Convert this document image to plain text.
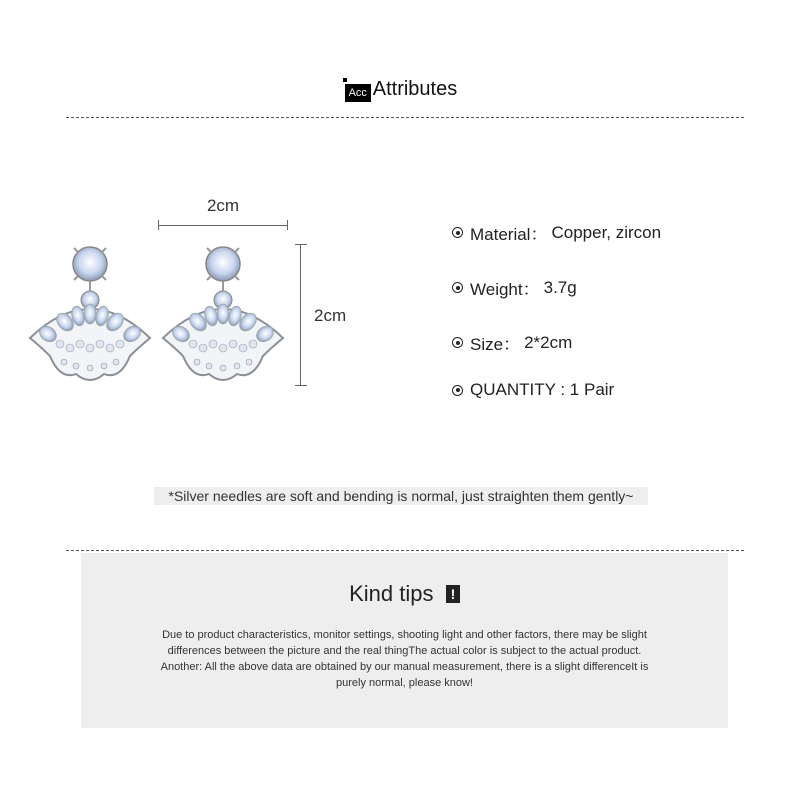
Acc Attributes
2cm
2cm
Material： Copper, zircon
Weight： 3.7g
Size： 2*2cm
QUANTITY : 1 Pair
*Silver needles are soft and bending is normal, just straighten them gently~
Kind tips !
Due to product characteristics, monitor settings, shooting light and other factors, there may be slight
differences between the picture and the real thingThe actual color is subject to the actual product.
Another: All the above data are obtained by our manual measurement, there is a slight differenceIt is
purely normal, please know!
